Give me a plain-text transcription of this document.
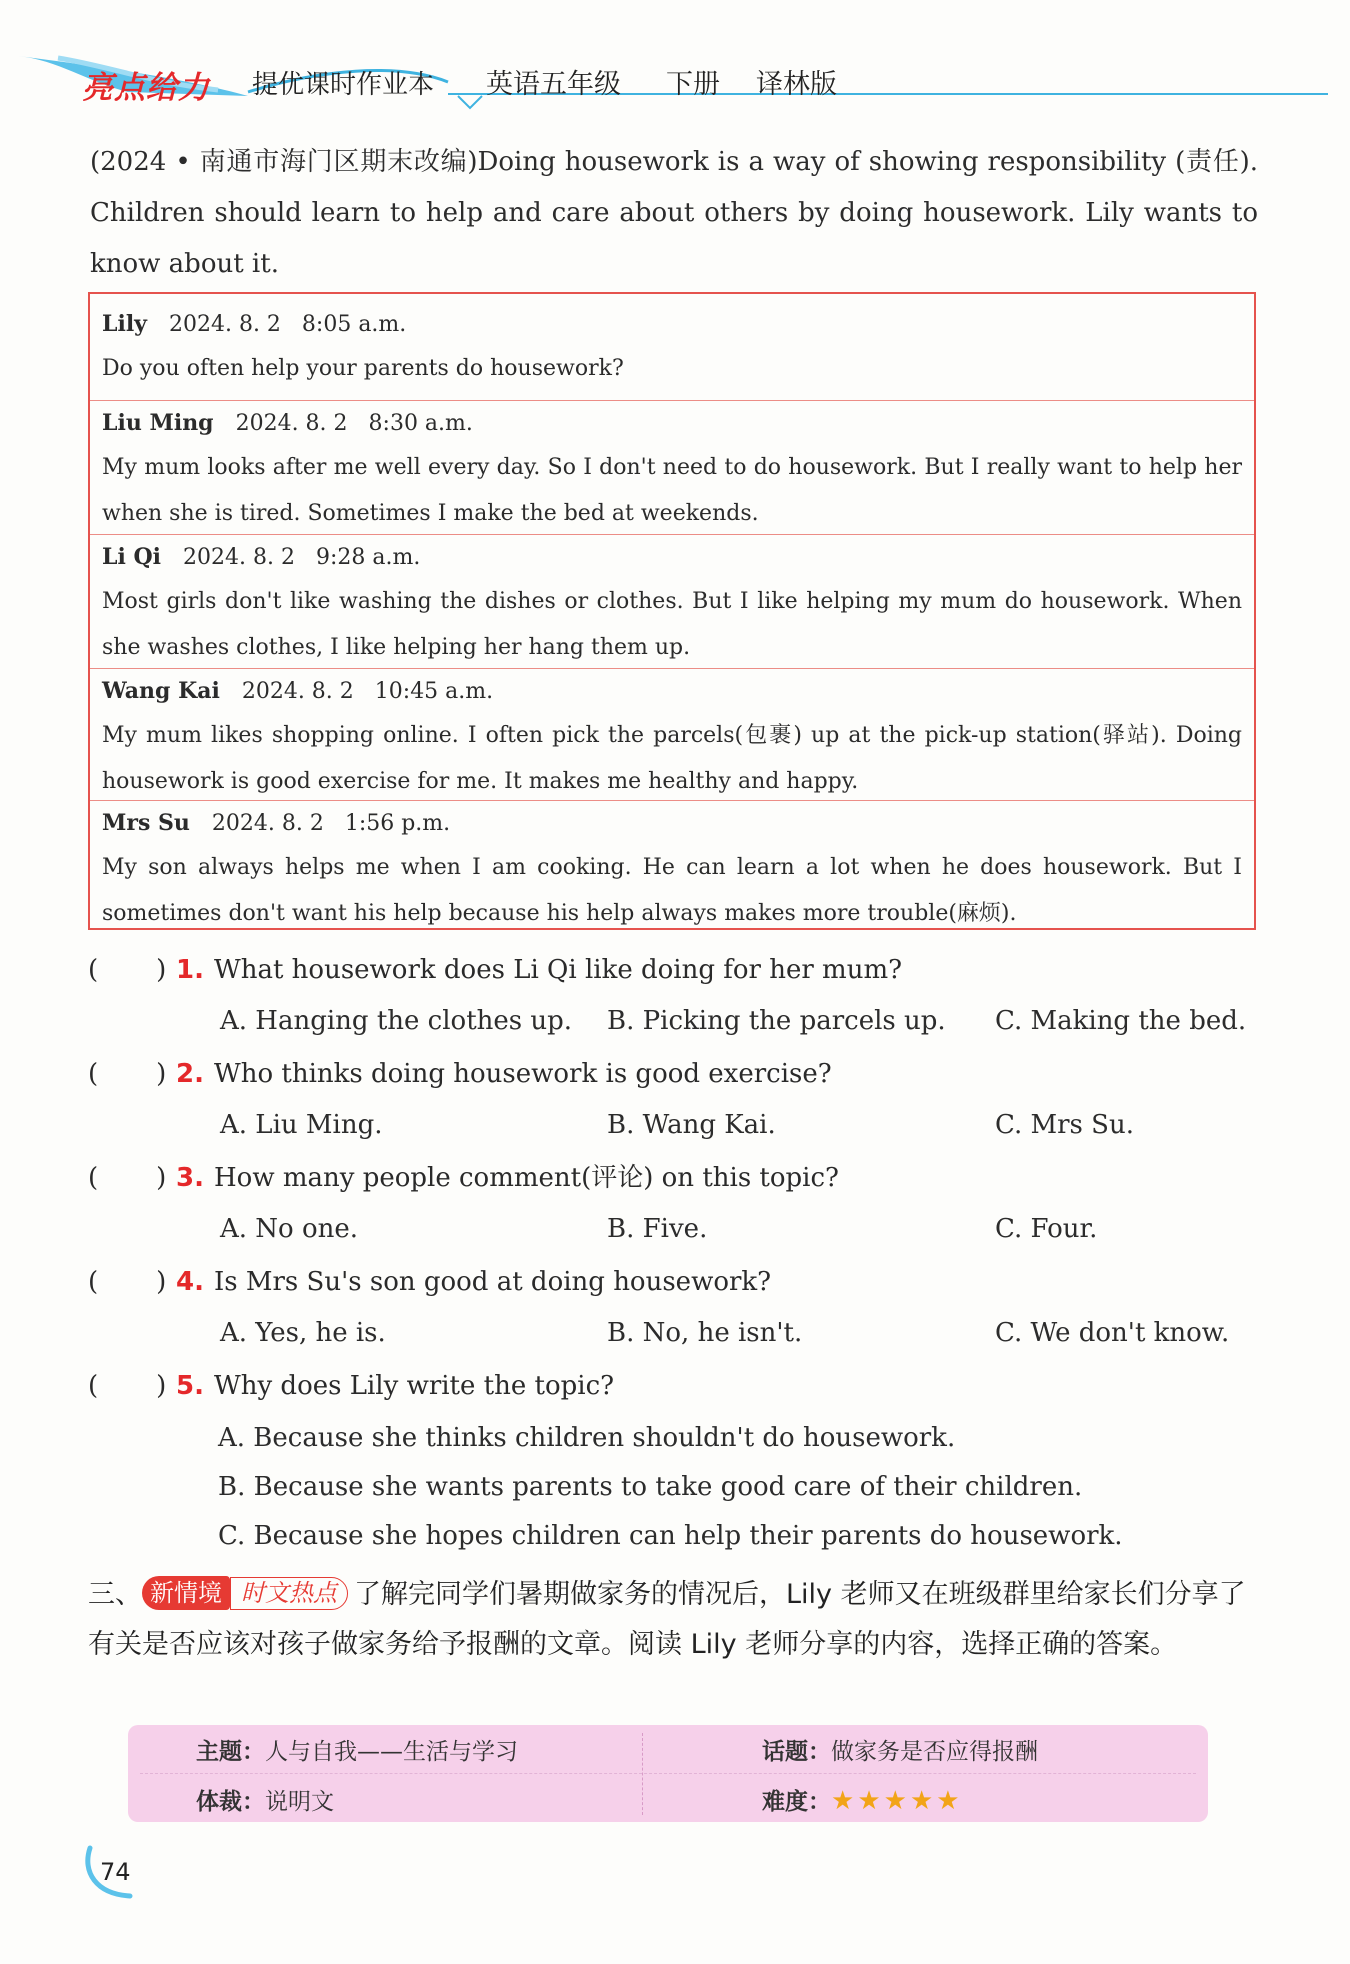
亮点给力 提优课时作业本 英语五年级 下册 译林版
(2024 • 南通市海门区期末改编)Doing housework is a way of showing responsibility (责任). Children should learn to help and care about others by doing housework. Lily wants to know about it.
Lily 2024. 8. 2 8:05 a.m.
Do you often help your parents do housework?
Liu Ming 2024. 8. 2 8:30 a.m.
My mum looks after me well every day. So I don't need to do housework. But I really want to help her when she is tired. Sometimes I make the bed at weekends.
Li Qi 2024. 8. 2 9:28 a.m.
Most girls don't like washing the dishes or clothes. But I like helping my mum do housework. When she washes clothes, I like helping her hang them up.
Wang Kai 2024. 8. 2 10:45 a.m.
My mum likes shopping online. I often pick the parcels(包裹) up at the pick-up station(驿站). Doing housework is good exercise for me. It makes me healthy and happy.
Mrs Su 2024. 8. 2 1:56 p.m.
My son always helps me when I am cooking. He can learn a lot when he does housework. But I sometimes don't want his help because his help always makes more trouble(麻烦).
( ) 1. What housework does Li Qi like doing for her mum?
A. Hanging the clothes up. B. Picking the parcels up. C. Making the bed.
( ) 2. Who thinks doing housework is good exercise?
A. Liu Ming.	B. Wang Kai.	C. Mrs Su.
( ) 3. How many people comment(评论) on this topic?
A. No one.	B. Five.	C. Four.
( ) 4. Is Mrs Su's son good at doing housework?
A. Yes, he is.	B. No, he isn't.	C. We don't know.
( ) 5. Why does Lily write the topic?
A. Because she thinks children shouldn't do housework.
B. Because she wants parents to take good care of their children.
C. Because she hopes children can help their parents do housework.
三、 新情境 时文热点 了解完同学们暑期做家务的情况后，Lily 老师又在班级群里给家长们分享了有关是否应该对孩子做家务给予报酬的文章。阅读 Lily 老师分享的内容，选择正确的答案。
主题：人与自我——生活与学习	话题：做家务是否应得报酬
体裁：说明文	难度：★★★★★
74
